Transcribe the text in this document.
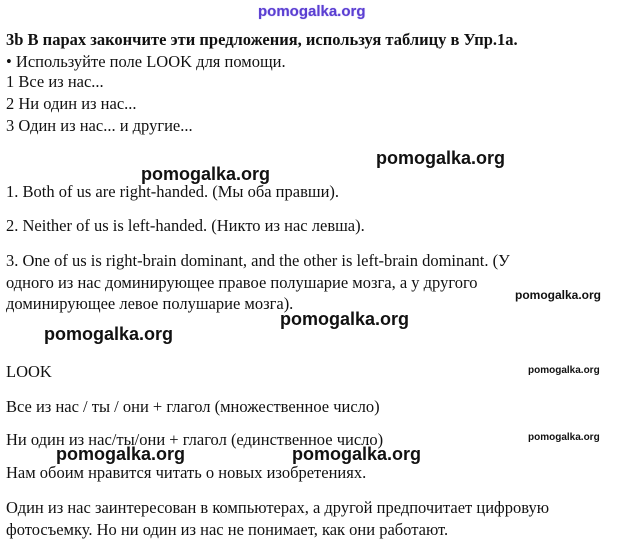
pomogalka.org

3b В парах закончите эти предложения, используя таблицу в Упр.1а.

• Используйте поле LOOK для помощи.

1 Все из нас...

2 Ни один из нас...

3 Один из нас... и другие...

pomogalka.org
pomogalka.org

1. Both of us are right-handed. (Мы оба правши).

2. Neither of us is left-handed. (Никто из нас левша).

3. One of us is right-brain dominant, and the other is left-brain dominant. (У

одного из нас доминирующее правое полушарие мозга, а у другого

доминирующее левое полушарие мозга).	pomogalka.org
pomogalka.org
pomogalka.org

LOOK	pomogalka.org

Все из нас / ты / они + глагол (множественное число)

Ни один из нас/ты/они + глагол (единственное число)	pomogalka.org
pomogalka.org	pomogalka.org

Нам обоим нравится читать о новых изобретениях.

Один из нас заинтересован в компьютерах, а другой предпочитает цифровую

фотосъемку. Но ни один из нас не понимает, как они работают.
